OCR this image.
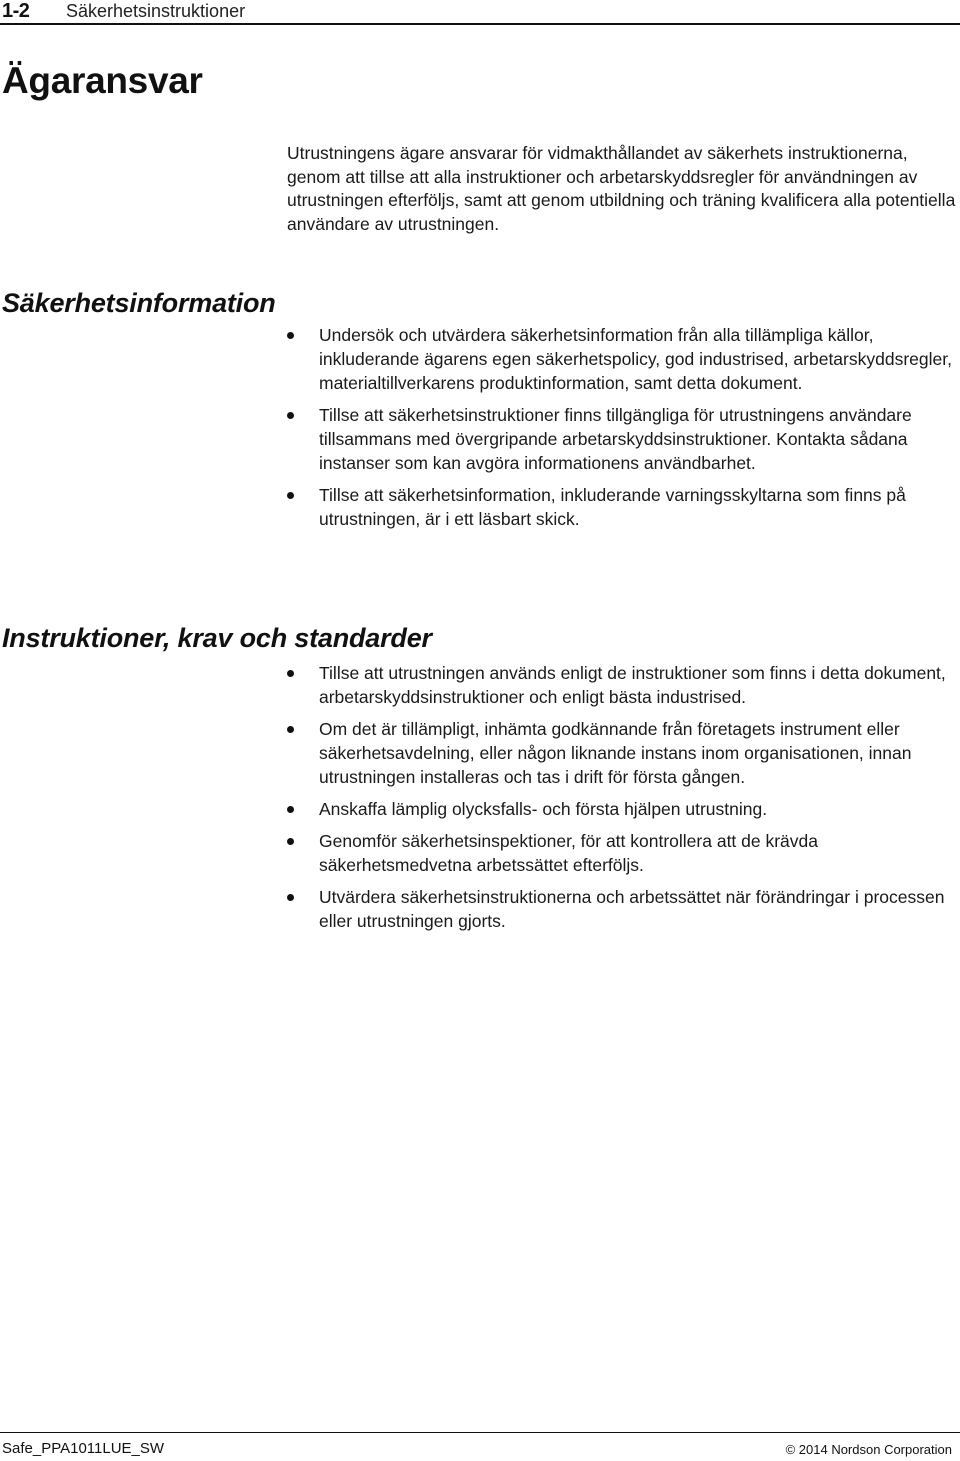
1-2 Säkerhetsinstruktioner
Ägaransvar

Utrustningens ägare ansvarar för vidmakthållandet av säkerhets instruktionerna, genom att tillse att alla instruktioner och arbetarskyddsregler för användningen av utrustningen efterföljs, samt att genom utbildning och träning kvalificera alla potentiella användare av utrustningen.

Säkerhetsinformation
Undersök och utvärdera säkerhetsinformation från alla tillämpliga källor, inkluderande ägarens egen säkerhetspolicy, god industrised, arbetarskyddsregler, materialtillverkarens produktinformation, samt detta dokument.
Tillse att säkerhetsinstruktioner finns tillgängliga för utrustningens användare tillsammans med övergripande arbetarskyddsinstruktioner. Kontakta sådana instanser som kan avgöra informationens användbarhet.
Tillse att säkerhetsinformation, inkluderande varningsskyltarna som finns på utrustningen, är i ett läsbart skick.
Instruktioner, krav och standarder
Tillse att utrustningen används enligt de instruktioner som finns i detta dokument, arbetarskyddsinstruktioner och enligt bästa industrised.
Om det är tillämpligt, inhämta godkännande från företagets instrument eller säkerhetsavdelning, eller någon liknande instans inom organisationen, innan utrustningen installeras och tas i drift för första gången.
Anskaffa lämplig olycksfalls- och första hjälpen utrustning.
Genomför säkerhetsinspektioner, för att kontrollera att de krävda säkerhetsmedvetna arbetssättet efterföljs.
Utvärdera säkerhetsinstruktionerna och arbetssättet när förändringar i processen eller utrustningen gjorts.
Safe_PPA1011LUE_SW	© 2014 Nordson Corporation
